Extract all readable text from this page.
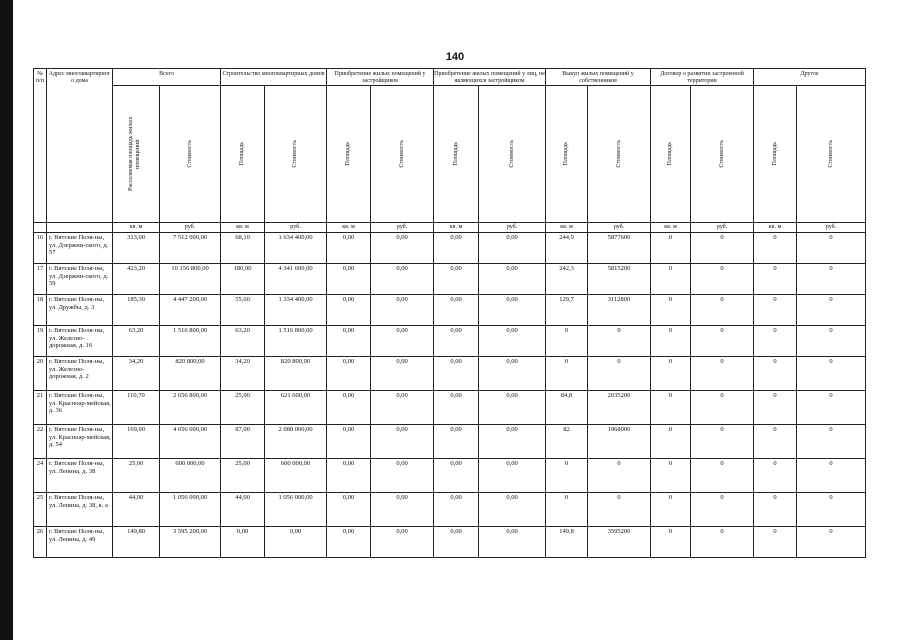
140
№ п/п	Адрес многоквартирног о дома	Всего		Строительство многоквартирных домов		Приобретение жилых помещений у застройщиков		Приобретение жилых помещений у лиц, не являющихся застройщиком		Выкуп жилых помещений у собственников		Договор о развитии застроенной территории		Другое	

		Расселяемая площадь жилых помещений	Стоимость	Площадь	Стоимость	Площадь	Стоимость	Площадь	Стоимость	Площадь	Стоимость	Площадь	Стоимость	Площадь	Стоимость

		кв. м	руб.	кв. м	руб.	кв. м	руб.	кв. м	руб.	кв. м	руб.	кв. м	руб.	кв. м	руб.
16	г. Вятские Поля-ны, ул. Дзержин-ского, д. 57	313,00	7 512 000,00	68,10	1 634 400,00	0,00	0,00	0,00	0,00	244,9	5877600	0	0	0	0
17	г. Вятские Поля-ны, ул. Дзержин-ского, д. 59	423,20	10 156 800,00	180,90	4 341 600,00	0,00	0,00	0,00	0,00	242,3	5815200	0	0	0	0
18	г. Вятские Поля-ны, ул. Дружбы, д. 3	185,30	4 447 200,00	55,60	1 334 400,00	0,00	0,00	0,00	0,00	129,7	3112800	0	0	0	0
19	г. Вятские Поля-ны, ул. Железно-дорожная, д. 16	63,20	1 516 800,00	63,20	1 516 800,00	0,00	0,00	0,00	0,00	0	0	0	0	0	0
20	г. Вятские Поля-ны, ул. Железно-дорожная, д. 2	34,20	820 800,00	34,20	820 800,00	0,00	0,00	0,00	0,00	0	0	0	0	0	0
21	г. Вятские Поля-ны, ул. Красноар-мейская, д. 36	110,70	2 656 800,00	25,90	621 600,00	0,00	0,00	0,00	0,00	84,8	2035200	0	0	0	0
22	г. Вятские Поля-ны, ул. Красноар-мейская, д. 54	169,00	4 056 000,00	87,00	2 088 000,00	0,00	0,00	0,00	0,00	82	1968000	0	0	0	0
24	г. Вятские Поля-ны, ул. Ленина, д. 38	25,00	600 000,00	25,00	600 000,00	0,00	0,00	0,00	0,00	0	0	0	0	0	0
25	г. Вятские Поля-ны, ул. Ленина, д. 38, к. а	44,00	1 056 000,00	44,00	1 056 000,00	0,00	0,00	0,00	0,00	0	0	0	0	0	0
26	г. Вятские Поля-ны, ул. Ленина, д. 49	149,80	3 595 200,00	0,00	0,00	0,00	0,00	0,00	0,00	149,8	3595200	0	0	0	0
